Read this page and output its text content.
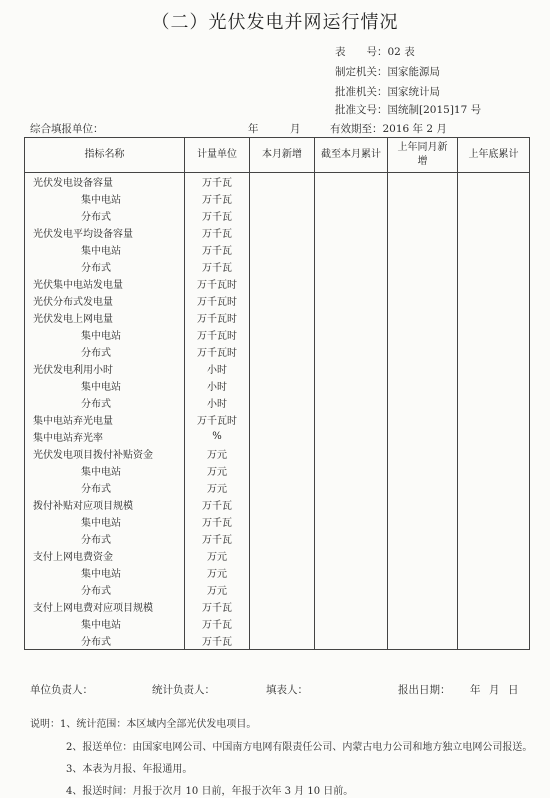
（二）光伏发电并网运行情况
表　　号：02 表
制定机关：国家能源局
批准机关：国家统计局
批准文号：国统制[2015]17 号
综合填报单位：	年	月	有效期至：2016 年 2 月
指标名称	计量单位	本月新增	截至本月累计	上年同月新增	上年底累计
光伏发电设备容量	万千瓦				
集中电站	万千瓦				
分布式	万千瓦				
光伏发电平均设备容量	万千瓦				
集中电站	万千瓦				
分布式	万千瓦				
光伏集中电站发电量	万千瓦时				
光伏分布式发电量	万千瓦时				
光伏发电上网电量	万千瓦时				
集中电站	万千瓦时				
分布式	万千瓦时				
光伏发电利用小时	小时				
集中电站	小时				
分布式	小时				
集中电站弃光电量	万千瓦时				
集中电站弃光率	%				
光伏发电项目拨付补贴资金	万元				
集中电站	万元				
分布式	万元				
拨付补贴对应项目规模	万千瓦				
集中电站	万千瓦				
分布式	万千瓦				
支付上网电费资金	万元				
集中电站	万元				
分布式	万元				
支付上网电费对应项目规模	万千瓦				
集中电站	万千瓦				
分布式	万千瓦				
单位负责人：	统计负责人：	填表人：	报出日期： 年 月 日
说明：1、统计范围：本区域内全部光伏发电项目。
2、报送单位：由国家电网公司、中国南方电网有限责任公司、内蒙古电力公司和地方独立电网公司报送。
3、本表为月报、年报通用。
4、报送时间：月报于次月 10 日前，年报于次年 3 月 10 日前。
